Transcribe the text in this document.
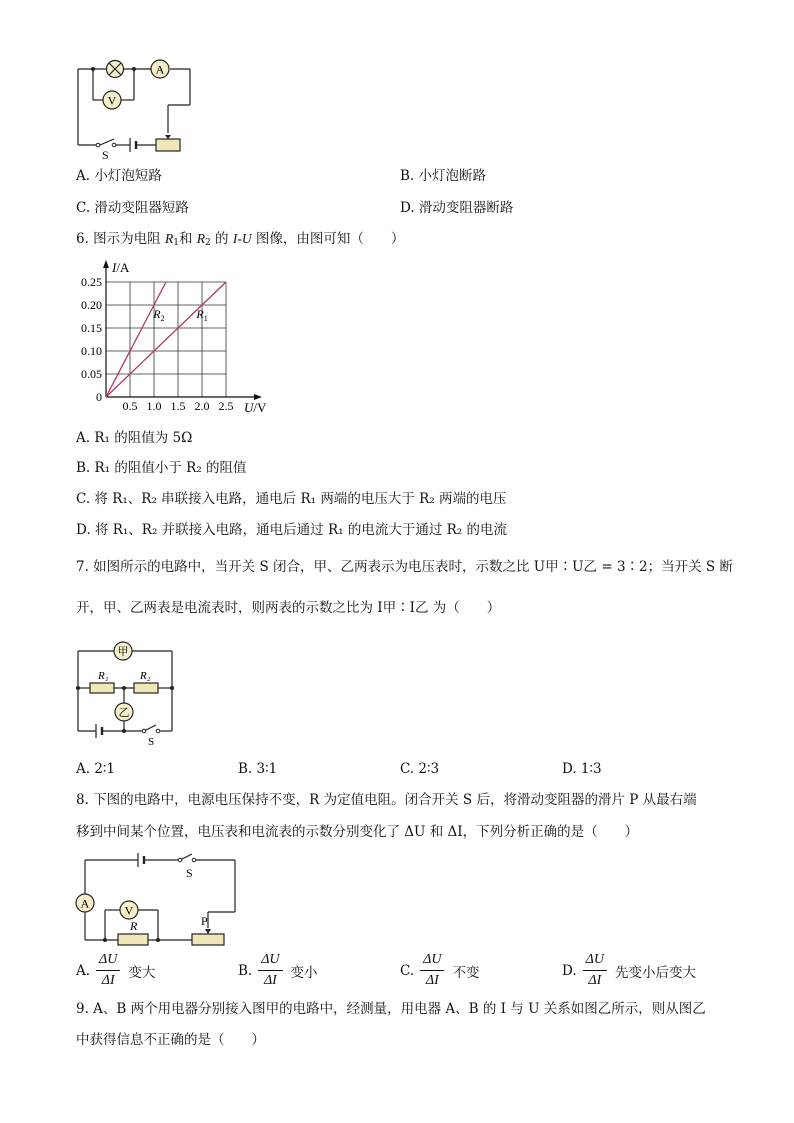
A
V
S
A. 小灯泡短路	B. 小灯泡断路
C. 滑动变阻器短路	D. 滑动变阻器断路
6. 图示为电阻 $R_1$和 $R_2$ 的 I-U 图像，由图可知（　　）
0.5 1.0 1.5 2.0 2.5
0.05
0.10
0.15
0.20
0.25
0
I/A
U/V
$R_2$	$R_1$
A. R₁ 的阻值为 5Ω
B. R₁ 的阻值小于 R₂ 的阻值
C. 将 R₁、R₂ 串联接入电路，通电后 R₁ 两端的电压大于 R₂ 两端的电压
D. 将 R₁、R₂ 并联接入电路，通电后通过 R₁ 的电流大于通过 R₂ 的电流
7. 如图所示的电路中，当开关 S 闭合，甲、乙两表示为电压表时，示数之比 U甲∶U乙 = 3∶2；当开关 S 断
开，甲、乙两表是电流表时，则两表的示数之比为 I甲∶I乙 为（　　）
甲
乙
R₁	R₂
S
A. 2∶1	B. 3∶1	C. 2∶3	D. 1∶3
8. 下图的电路中，电源电压保持不变，R 为定值电阻。闭合开关 S 后，将滑动变阻器的滑片 P 从最右端
移到中间某个位置，电压表和电流表的示数分别变化了 ΔU 和 ΔI，下列分析正确的是（　　）
A	V
R	P
S
A. $\frac{\Delta U}{\Delta I}$ 变大	B. $\frac{\Delta U}{\Delta I}$ 变小	C. $\frac{\Delta U}{\Delta I}$ 不变	D. $\frac{\Delta U}{\Delta I}$ 先变小后变大
9. A、B 两个用电器分别接入图甲的电路中，经测量，用电器 A、B 的 I 与 U 关系如图乙所示，则从图乙
中获得信息不正确的是（　　）
